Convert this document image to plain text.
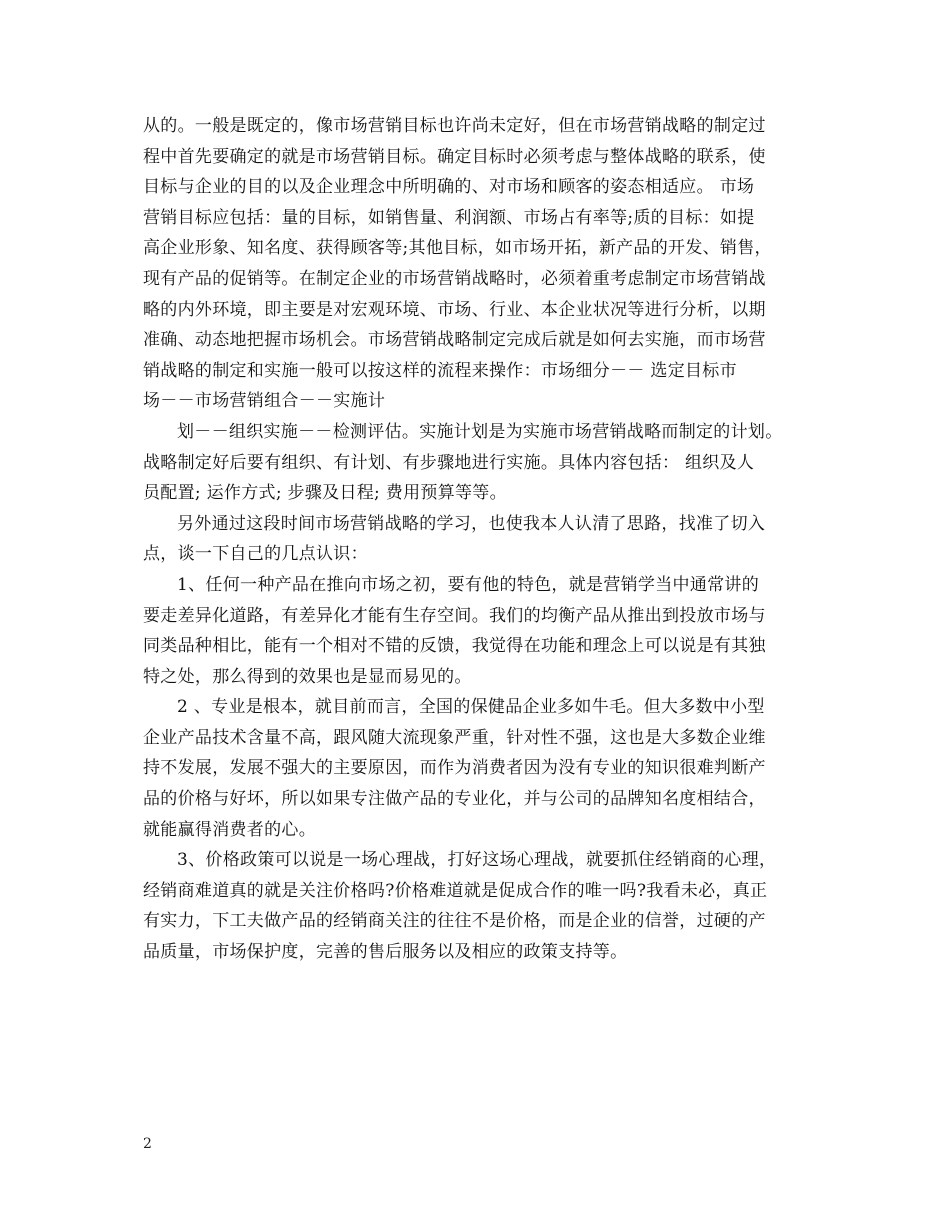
从的。一般是既定的，像市场营销目标也许尚未定好，但在市场营销战略的制定过
程中首先要确定的就是市场营销目标。确定目标时必须考虑与整体战略的联系，使
目标与企业的目的以及企业理念中所明确的、对市场和顾客的姿态相适应。 市场
营销目标应包括：量的目标，如销售量、利润额、市场占有率等;质的目标：如提
高企业形象、知名度、获得顾客等;其他目标，如市场开拓，新产品的开发、销售，
现有产品的促销等。在制定企业的市场营销战略时，必须着重考虑制定市场营销战
略的内外环境，即主要是对宏观环境、市场、行业、本企业状况等进行分析，以期
准确、动态地把握市场机会。市场营销战略制定完成后就是如何去实施，而市场营
销战略的制定和实施一般可以按这样的流程来操作：市场细分－－ 选定目标市
场－－市场营销组合－－实施计
划－－组织实施－－检测评估。实施计划是为实施市场营销战略而制定的计划。
战略制定好后要有组织、有计划、有步骤地进行实施。具体内容包括： 组织及人
员配置; 运作方式; 步骤及日程; 费用预算等等。
另外通过这段时间市场营销战略的学习，也使我本人认清了思路，找准了切入
点，谈一下自己的几点认识：
1、任何一种产品在推向市场之初，要有他的特色，就是营销学当中通常讲的
要走差异化道路，有差异化才能有生存空间。我们的均衡产品从推出到投放市场与
同类品种相比，能有一个相对不错的反馈，我觉得在功能和理念上可以说是有其独
特之处，那么得到的效果也是显而易见的。
2 、专业是根本，就目前而言，全国的保健品企业多如牛毛。但大多数中小型
企业产品技术含量不高，跟风随大流现象严重，针对性不强，这也是大多数企业维
持不发展，发展不强大的主要原因，而作为消费者因为没有专业的知识很难判断产
品的价格与好坏，所以如果专注做产品的专业化，并与公司的品牌知名度相结合，
就能赢得消费者的心。
3、价格政策可以说是一场心理战，打好这场心理战，就要抓住经销商的心理，
经销商难道真的就是关注价格吗?价格难道就是促成合作的唯一吗?我看未必，真正
有实力，下工夫做产品的经销商关注的往往不是价格，而是企业的信誉，过硬的产
品质量，市场保护度，完善的售后服务以及相应的政策支持等。
2
